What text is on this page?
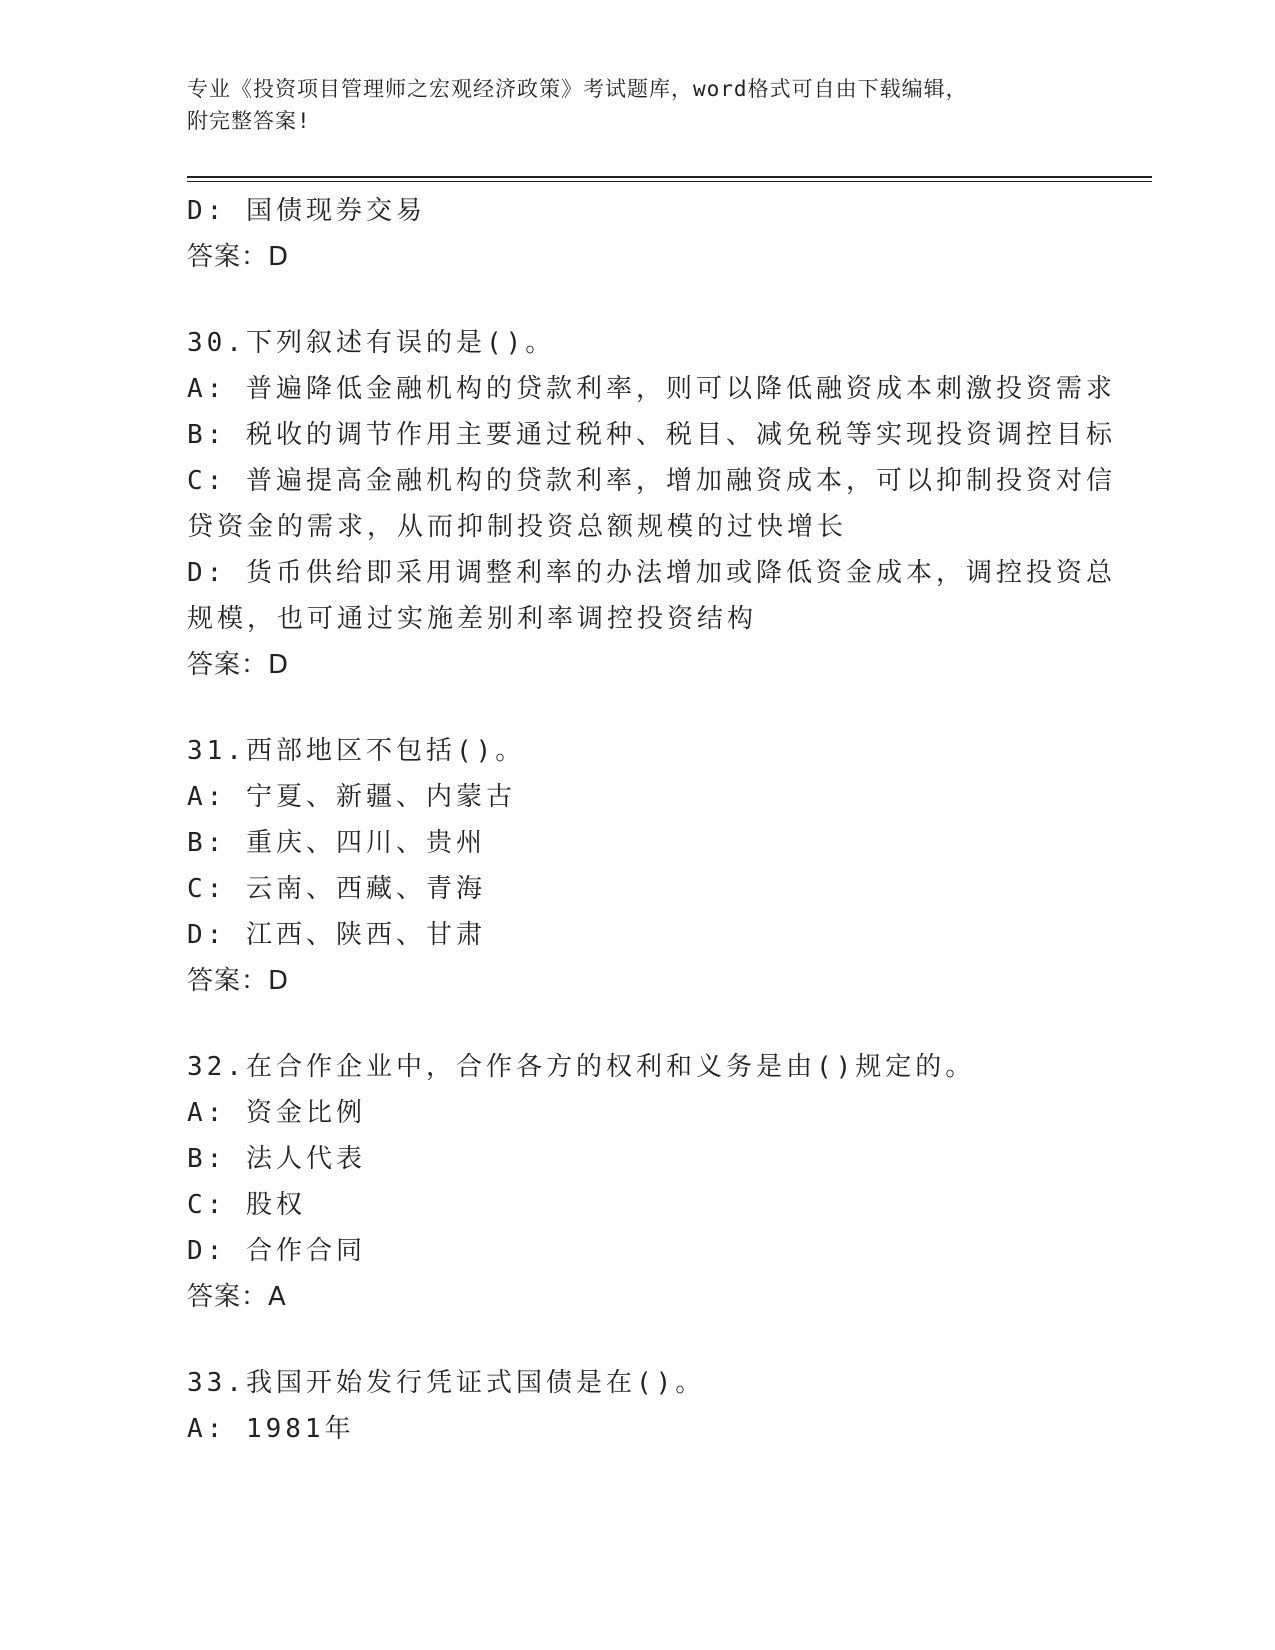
专业《投资项目管理师之宏观经济政策》考试题库，word格式可自由下载编辑，
附完整答案!
D: 国债现券交易
答案：D
30.下列叙述有误的是()。
A: 普遍降低金融机构的贷款利率，则可以降低融资成本刺激投资需求
B: 税收的调节作用主要通过税种、税目、减免税等实现投资调控目标
C: 普遍提高金融机构的贷款利率，增加融资成本，可以抑制投资对信
贷资金的需求，从而抑制投资总额规模的过快增长
D: 货币供给即采用调整利率的办法增加或降低资金成本，调控投资总
规模，也可通过实施差别利率调控投资结构
答案：D
31.西部地区不包括()。
A: 宁夏、新疆、内蒙古
B: 重庆、四川、贵州
C: 云南、西藏、青海
D: 江西、陕西、甘肃
答案：D
32.在合作企业中，合作各方的权利和义务是由()规定的。
A: 资金比例
B: 法人代表
C: 股权
D: 合作合同
答案：A
33.我国开始发行凭证式国债是在()。
A: 1981年
